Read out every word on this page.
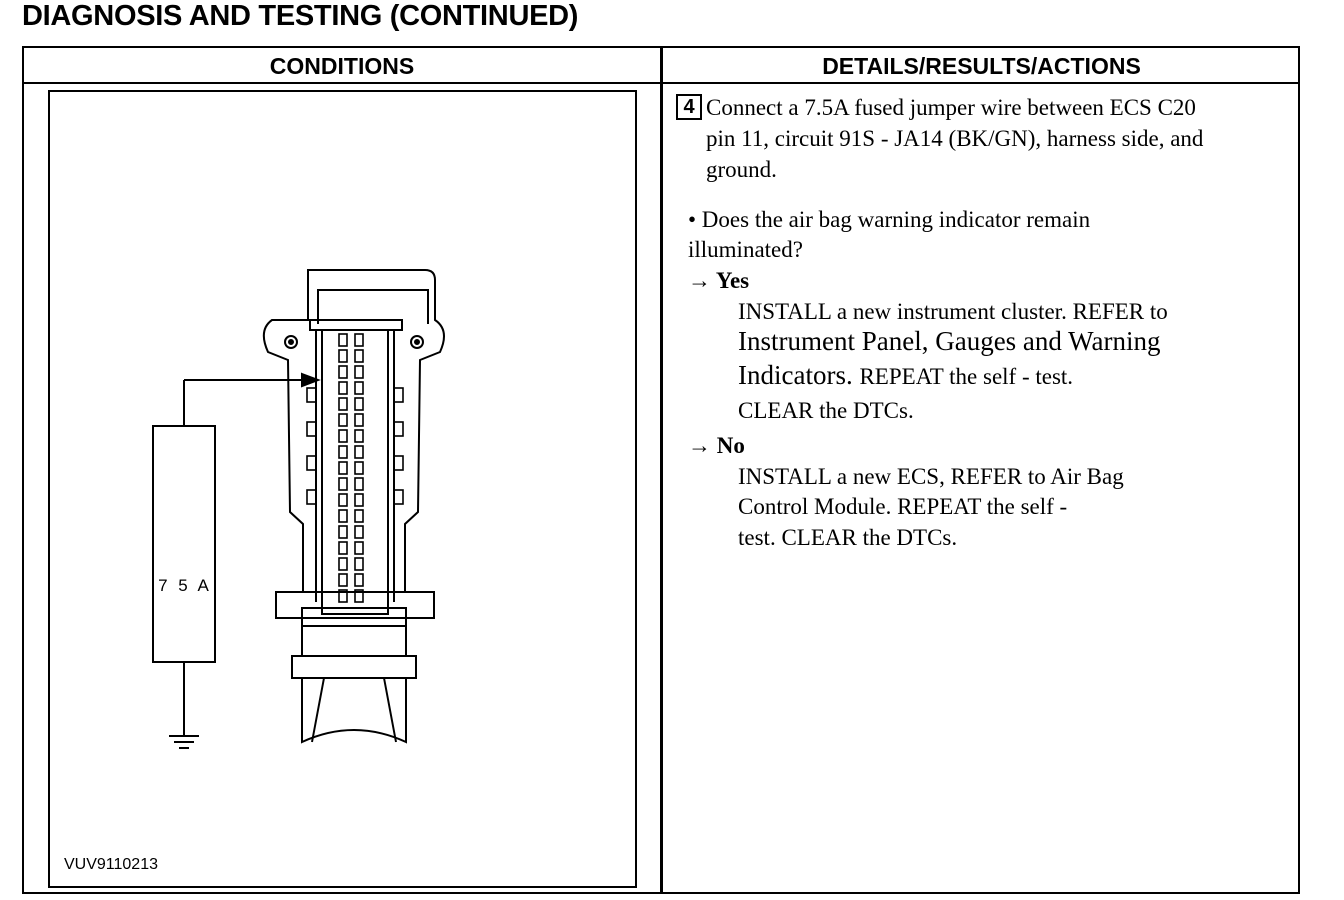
DIAGNOSIS AND TESTING (CONTINUED)
CONDITIONS	DETAILS/RESULTS/ACTIONS
7 5 A
VUV9110213
4 Connect a 7.5A fused jumper wire between ECS C20
pin 11, circuit 91S - JA14 (BK/GN), harness side, and
ground.
• Does the air bag warning indicator remain
illuminated?
→ Yes
INSTALL a new instrument cluster. REFER to
Instrument Panel, Gauges and Warning
Indicators. REPEAT the self - test.
CLEAR the DTCs.
→ No
INSTALL a new ECS, REFER to Air Bag
Control Module. REPEAT the self -
test. CLEAR the DTCs.
